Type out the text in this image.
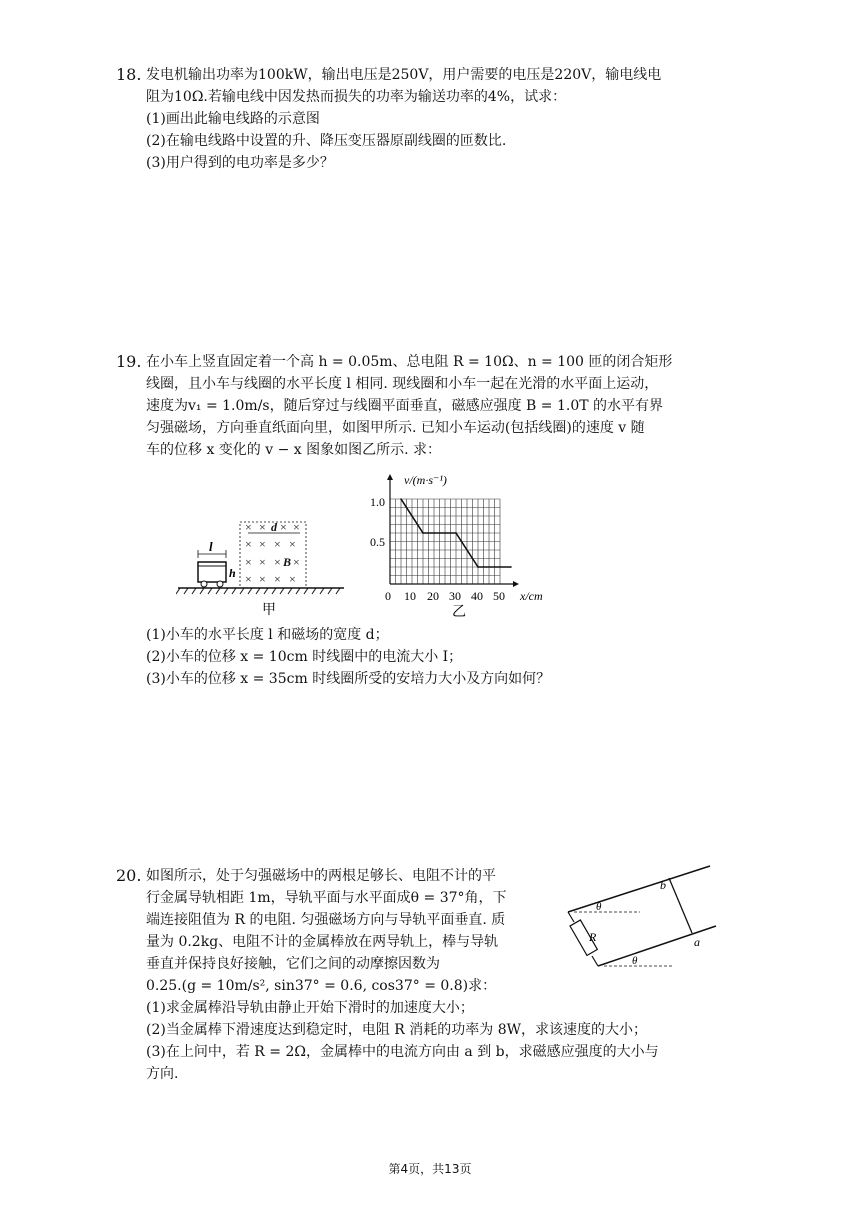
18. 发电机输出功率为100kW，输出电压是250V，用户需要的电压是220V，输电线电
阻为10Ω.若输电线中因发热而损失的功率为输送功率的4%，试求：
(1)画出此输电线路的示意图
(2)在输电线路中设置的升、降压变压器原副线圈的匝数比.
(3)用户得到的电功率是多少？
19. 在小车上竖直固定着一个高 h = 0.05m、总电阻 R = 10Ω、n = 100 匝的闭合矩形
线圈，且小车与线圈的水平长度 l 相同. 现线圈和小车一起在光滑的水平面上运动，
速度为v₁ = 1.0m/s，随后穿过与线圈平面垂直，磁感应强度 B = 1.0T 的水平有界
匀强磁场，方向垂直纸面向里，如图甲所示. 已知小车运动(包括线圈)的速度 v 随
车的位移 x 变化的 v − x 图象如图乙所示. 求：
l
h
× × d × ×
× × × ×
× × × B ×
× × × ×
甲
v/(m·s⁻¹)
x/cm
1.0
0.5
0 10 20 30 40 50
乙
(1)小车的水平长度 l 和磁场的宽度 d；
(2)小车的位移 x = 10cm 时线圈中的电流大小 I；
(3)小车的位移 x = 35cm 时线圈所受的安培力大小及方向如何？
20. 如图所示，处于匀强磁场中的两根足够长、电阻不计的平
行金属导轨相距 1m，导轨平面与水平面成θ = 37°角，下
端连接阻值为 R 的电阻. 匀强磁场方向与导轨平面垂直. 质
量为 0.2kg、电阻不计的金属棒放在两导轨上，棒与导轨
垂直并保持良好接触，它们之间的动摩擦因数为
0.25.(g = 10m/s², sin37° = 0.6, cos37° = 0.8)求：
R
b
a
θ
θ
(1)求金属棒沿导轨由静止开始下滑时的加速度大小；
(2)当金属棒下滑速度达到稳定时，电阻 R 消耗的功率为 8W，求该速度的大小；
(3)在上问中，若 R = 2Ω，金属棒中的电流方向由 a 到 b，求磁感应强度的大小与
方向.
第4页，共13页
